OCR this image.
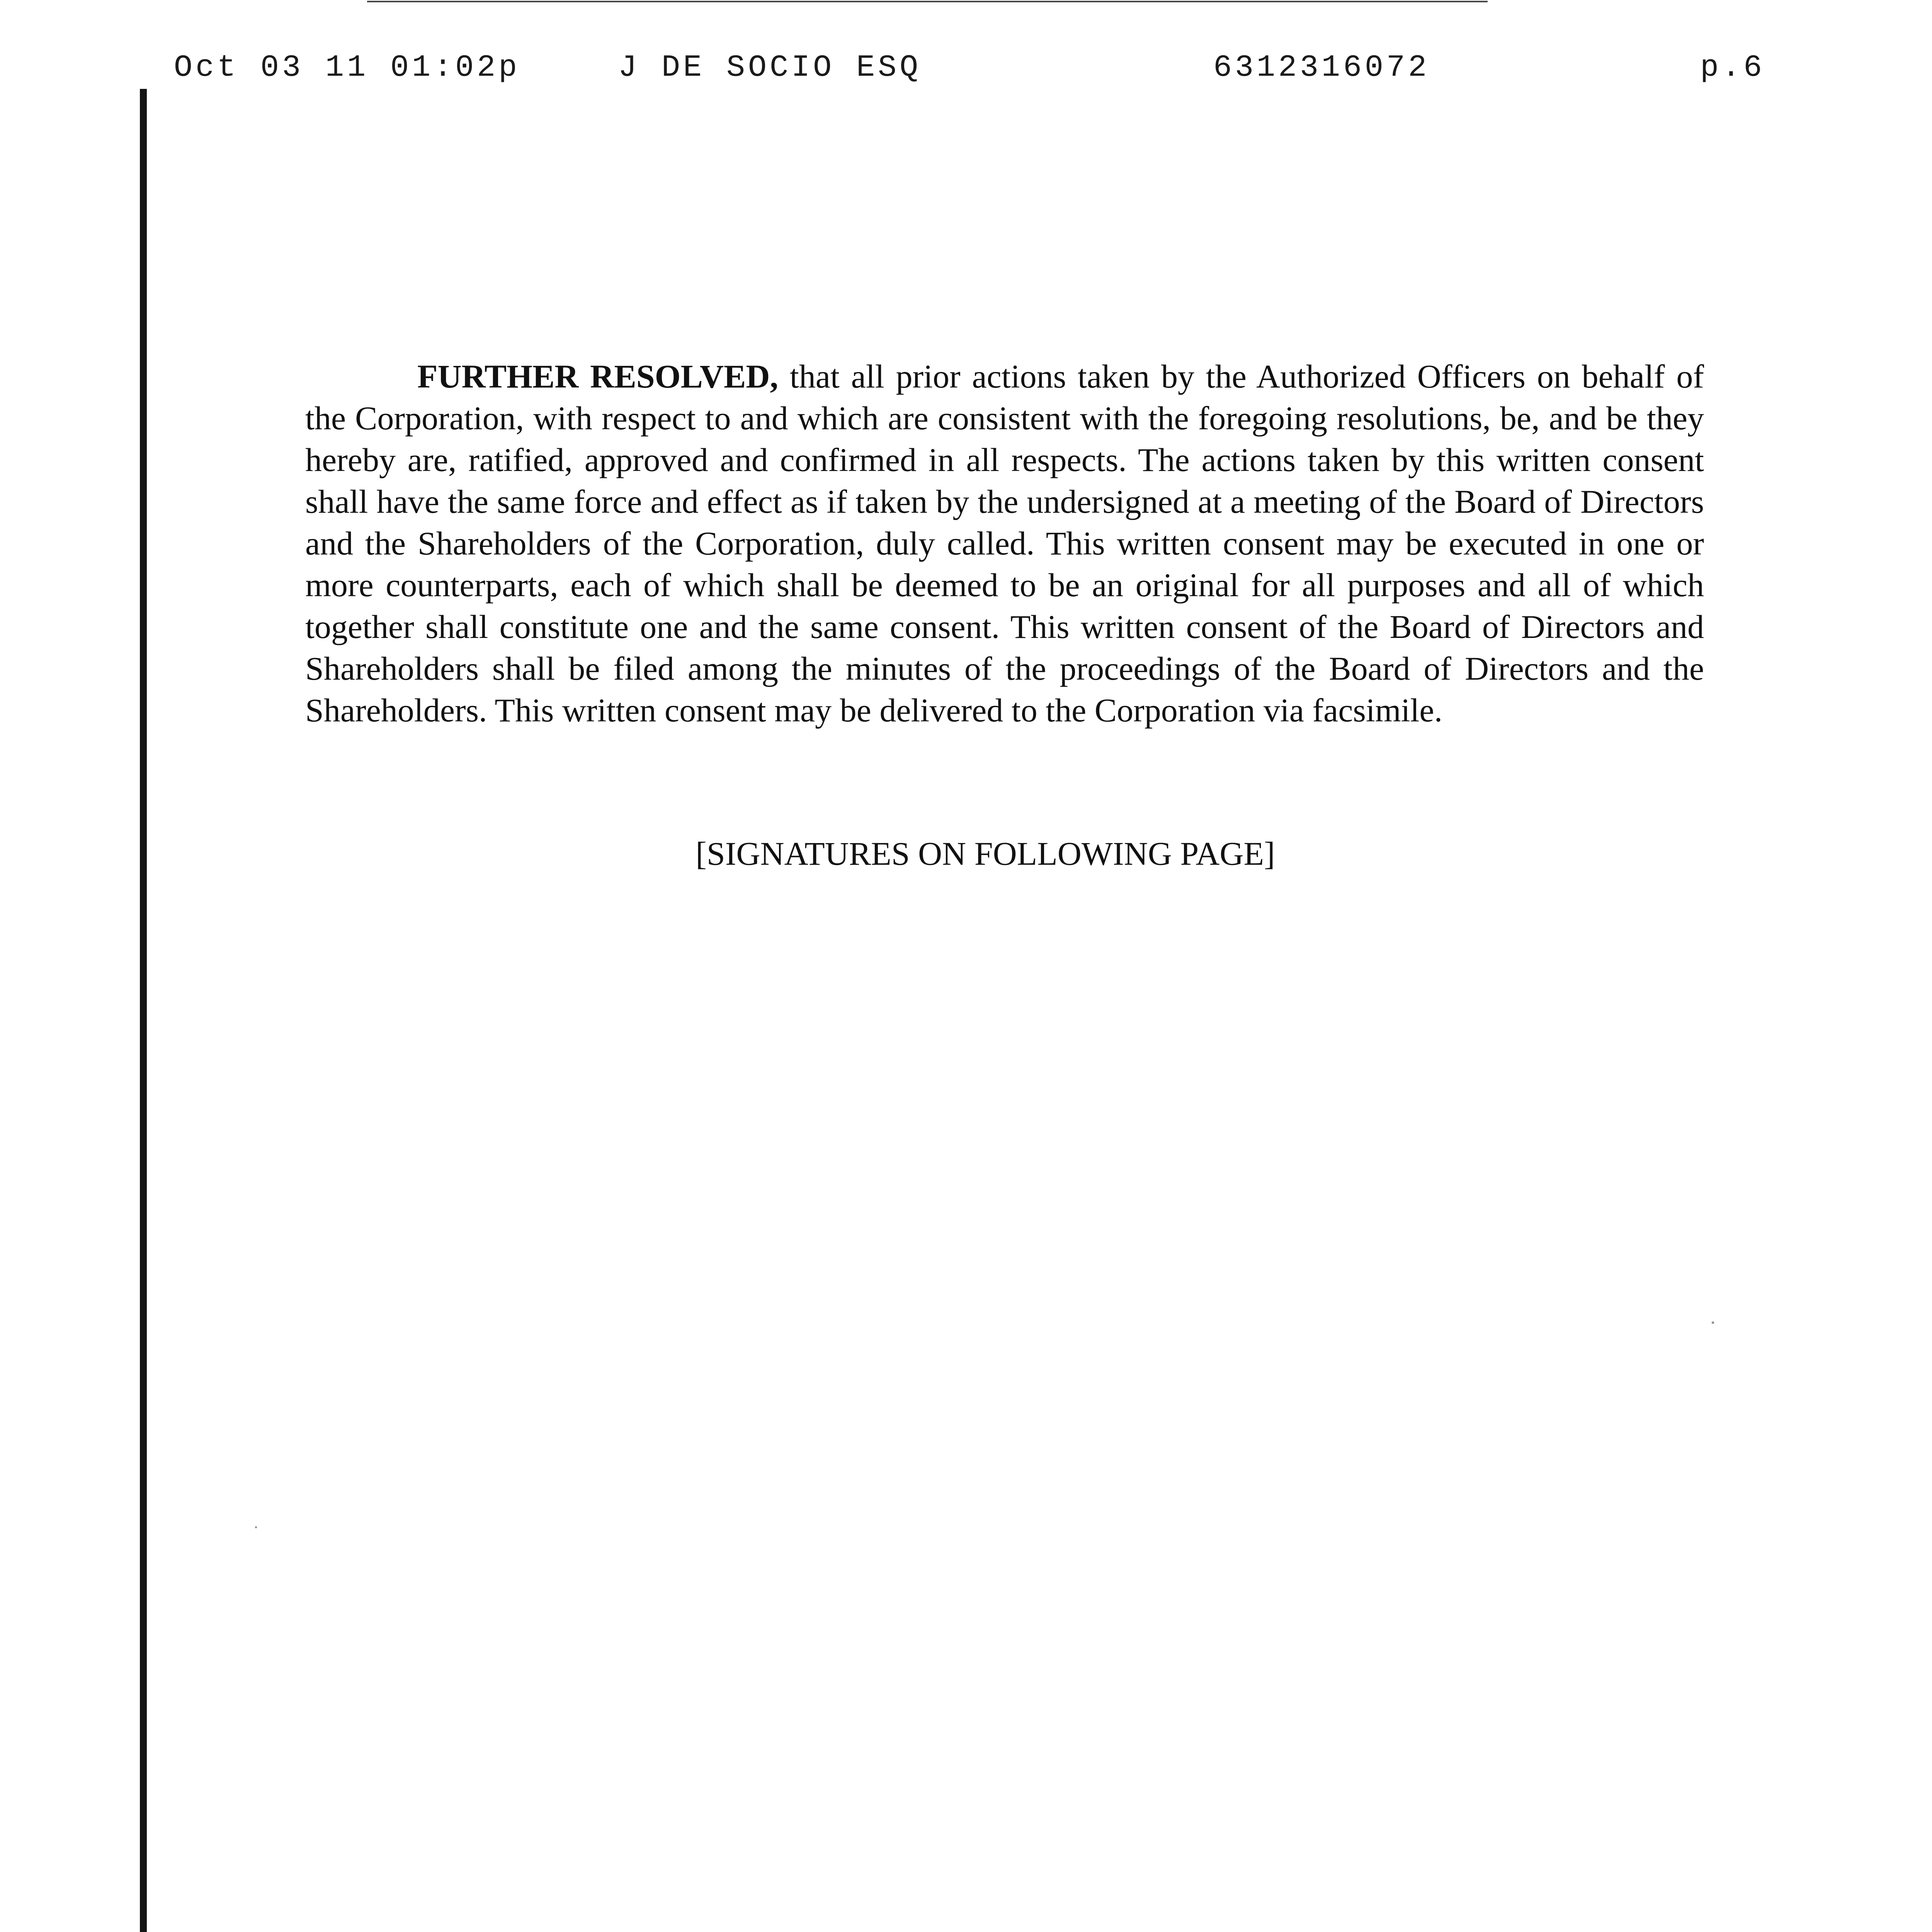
Oct 03 11 01:02p	J DE SOCIO ESQ	6312316072	p.6

FURTHER RESOLVED, that all prior actions taken by the Authorized Officers on behalf of the Corporation, with respect to and which are consistent with the foregoing resolutions, be, and be they hereby are, ratified, approved and confirmed in all respects. The actions taken by this written consent shall have the same force and effect as if taken by the undersigned at a meeting of the Board of Directors and the Shareholders of the Corporation, duly called. This written consent may be executed in one or more counterparts, each of which shall be deemed to be an original for all purposes and all of which together shall constitute one and the same consent. This written consent of the Board of Directors and Shareholders shall be filed among the minutes of the proceedings of the Board of Directors and the Shareholders. This written consent may be delivered to the Corporation via facsimile.

[SIGNATURES ON FOLLOWING PAGE]
